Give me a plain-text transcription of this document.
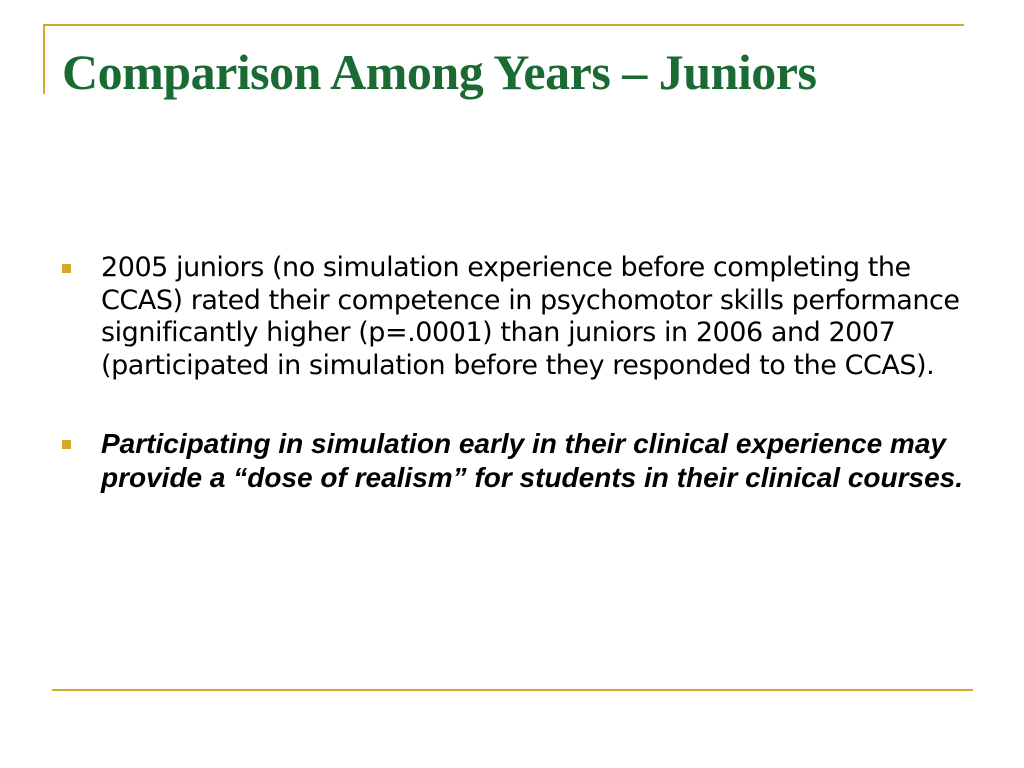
Comparison Among Years – Juniors
2005 juniors (no simulation experience before completing the CCAS) rated their competence in psychomotor skills performance significantly higher (p=.0001) than juniors in 2006 and 2007 (participated in simulation before they responded to the CCAS).
Participating in simulation early in their clinical experience may provide a “dose of realism” for students in their clinical courses.
